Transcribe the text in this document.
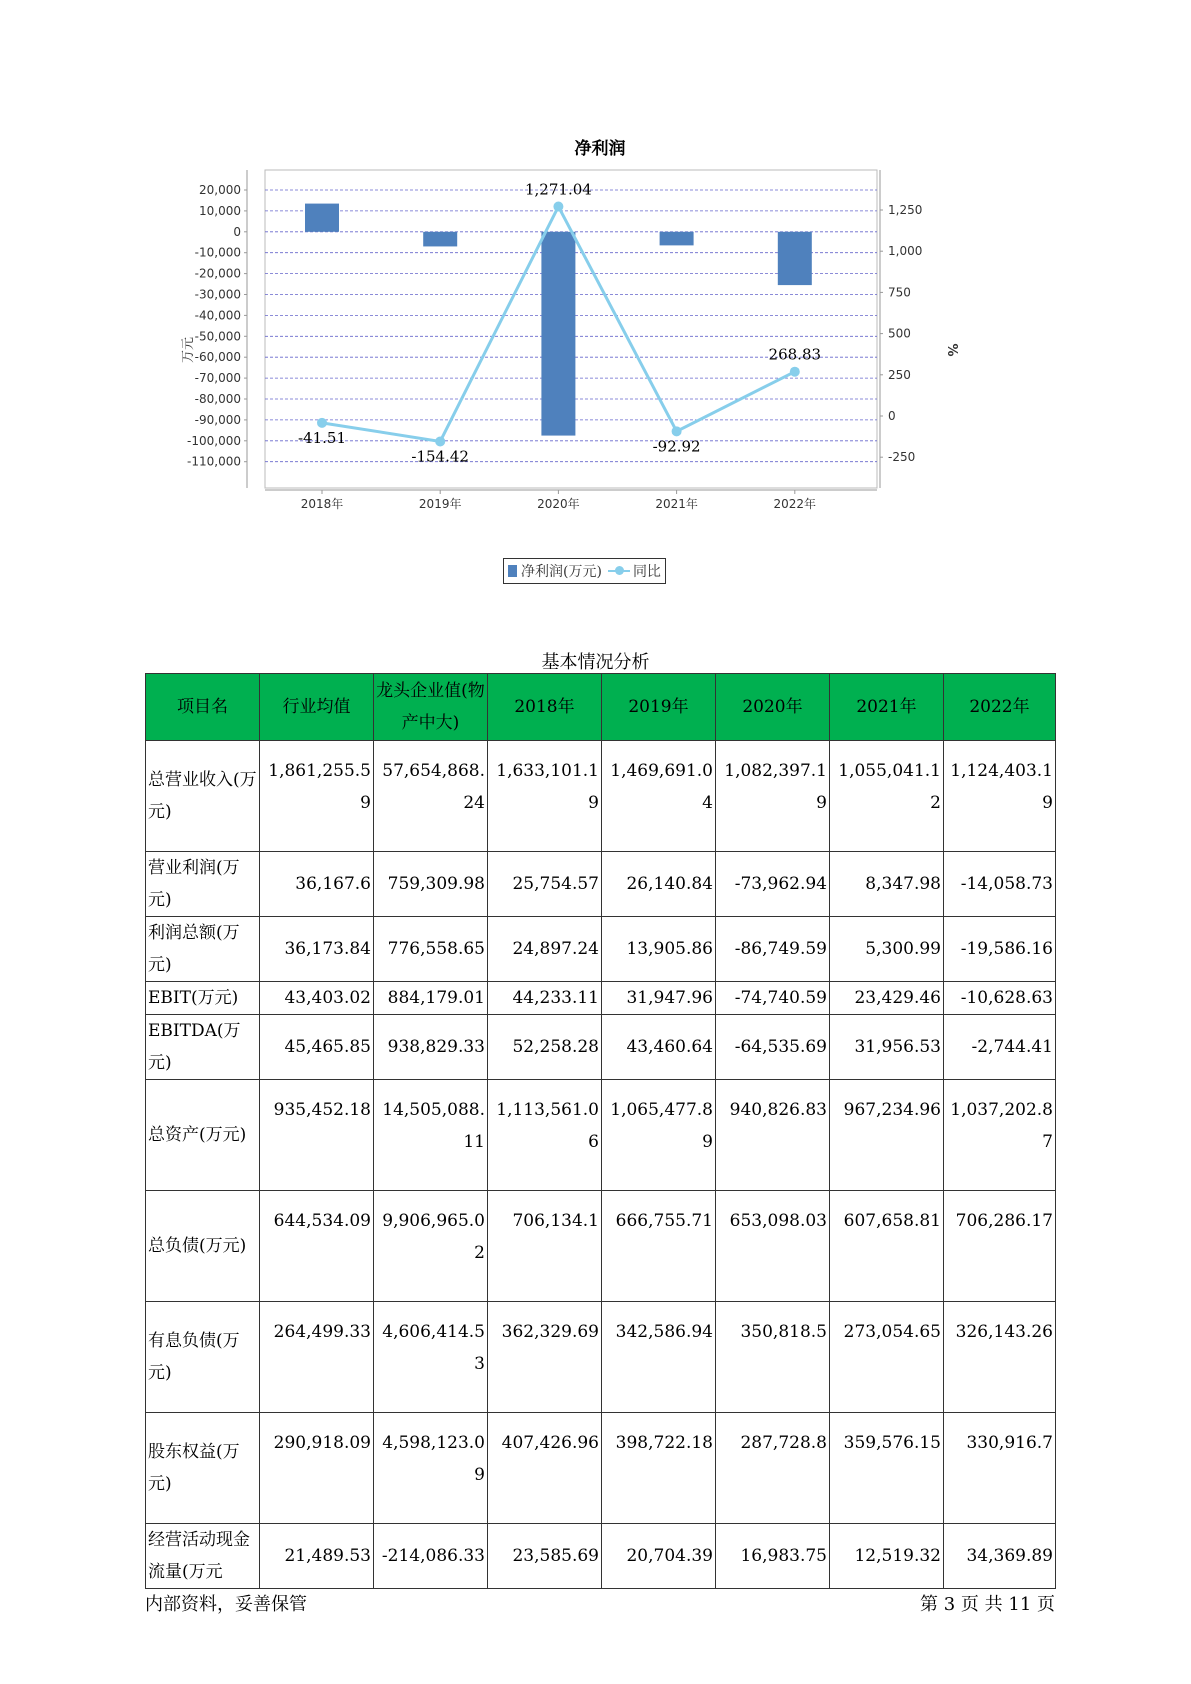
20,000
10,000
0
-10,000
-20,000
-30,000
-40,000
-50,000
-60,000
-70,000
-80,000
-90,000
-100,000
-110,000
1,250
1,000
750
500
250
0
-250
万元	%
净利润
2018年	2019年	2020年	2021年	2022年
-41.51
-154.42
1,271.04
-92.92
268.83
净利润(万元) 同比
基本情况分析
项目名	行业均值	龙头企业值(物产中大)	2018年	2019年	2020年	2021年	2022年
总营业收入(万元)	1,861,255.59	57,654,868.24	1,633,101.19	1,469,691.04	1,082,397.19	1,055,041.12	1,124,403.19
营业利润(万元)	36,167.6	759,309.98	25,754.57	26,140.84	-73,962.94	8,347.98	-14,058.73
利润总额(万元)	36,173.84	776,558.65	24,897.24	13,905.86	-86,749.59	5,300.99	-19,586.16
EBIT(万元)	43,403.02	884,179.01	44,233.11	31,947.96	-74,740.59	23,429.46	-10,628.63
EBITDA(万元)	45,465.85	938,829.33	52,258.28	43,460.64	-64,535.69	31,956.53	-2,744.41
总资产(万元)	935,452.18	14,505,088.11	1,113,561.06	1,065,477.89	940,826.83	967,234.96	1,037,202.87
总负债(万元)	644,534.09	9,906,965.02	706,134.1	666,755.71	653,098.03	607,658.81	706,286.17
有息负债(万元)	264,499.33	4,606,414.53	362,329.69	342,586.94	350,818.5	273,054.65	326,143.26
股东权益(万元)	290,918.09	4,598,123.09	407,426.96	398,722.18	287,728.8	359,576.15	330,916.7
经营活动现金流量(万元	21,489.53	-214,086.33	23,585.69	20,704.39	16,983.75	12,519.32	34,369.89
内部资料，妥善保管	第 3 页 共 11 页
